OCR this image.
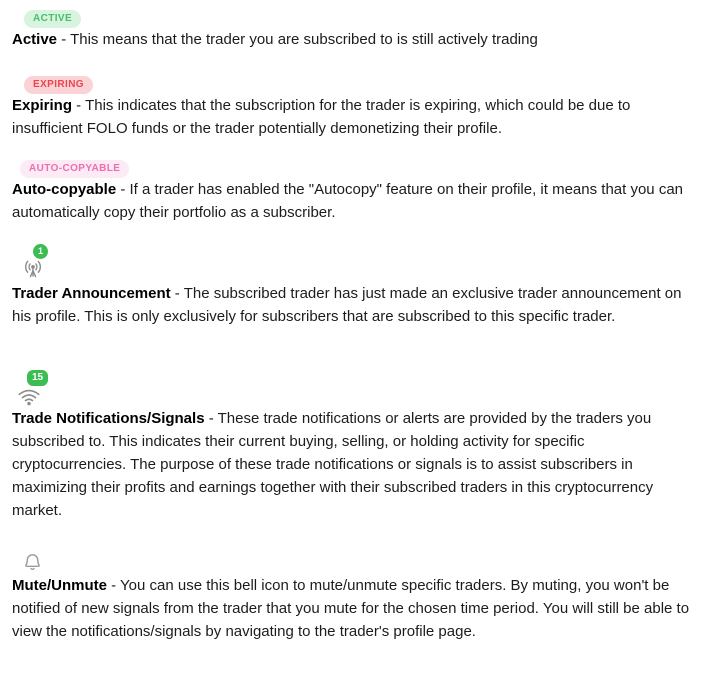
ACTIVE

Active - This means that the trader you are subscribed to is still actively trading

EXPIRING

Expiring - This indicates that the subscription for the trader is expiring, which could be due to insufficient FOLO funds or the trader potentially demonetizing their profile.

AUTO-COPYABLE

Auto-copyable - If a trader has enabled the "Autocopy" feature on their profile, it means that you can automatically copy their portfolio as a subscriber.

1

Trader Announcement - The subscribed trader has just made an exclusive trader announcement on his profile. This is only exclusively for subscribers that are subscribed to this specific trader.

15

Trade Notifications/Signals - These trade notifications or alerts are provided by the traders you subscribed to. This indicates their current buying, selling, or holding activity for specific cryptocurrencies. The purpose of these trade notifications or signals is to assist subscribers in maximizing their profits and earnings together with their subscribed traders in this cryptocurrency market.

Mute/Unmute - You can use this bell icon to mute/unmute specific traders. By muting, you won't be notified of new signals from the trader that you mute for the chosen time period. You will still be able to view the notifications/signals by navigating to the trader's profile page.
